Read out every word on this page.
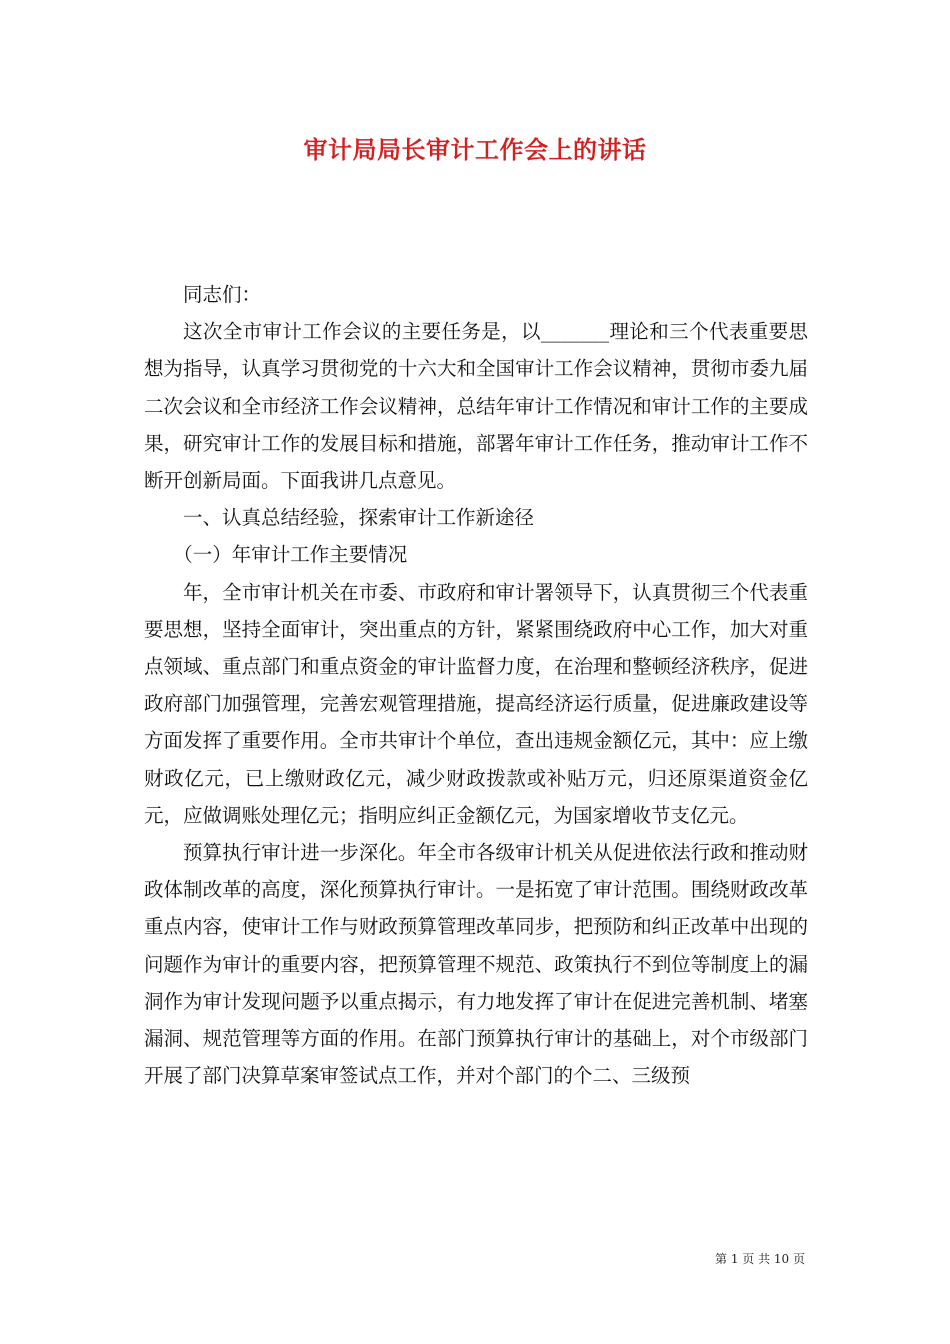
审计局局长审计工作会上的讲话

同志们：

这次全市审计工作会议的主要任务是，以_______理论和三个代表重要思想为指导，认真学习贯彻党的十六大和全国审计工作会议精神，贯彻市委九届二次会议和全市经济工作会议精神，总结年审计工作情况和审计工作的主要成果，研究审计工作的发展目标和措施，部署年审计工作任务，推动审计工作不断开创新局面。下面我讲几点意见。

一、认真总结经验，探索审计工作新途径

（一）年审计工作主要情况

年，全市审计机关在市委、市政府和审计署领导下，认真贯彻三个代表重要思想，坚持全面审计，突出重点的方针，紧紧围绕政府中心工作，加大对重点领域、重点部门和重点资金的审计监督力度，在治理和整顿经济秩序，促进政府部门加强管理，完善宏观管理措施，提高经济运行质量，促进廉政建设等方面发挥了重要作用。全市共审计个单位，查出违规金额亿元，其中：应上缴财政亿元，已上缴财政亿元，减少财政拨款或补贴万元，归还原渠道资金亿元，应做调账处理亿元；指明应纠正金额亿元，为国家增收节支亿元。

预算执行审计进一步深化。年全市各级审计机关从促进依法行政和推动财政体制改革的高度，深化预算执行审计。一是拓宽了审计范围。围绕财政改革重点内容，使审计工作与财政预算管理改革同步，把预防和纠正改革中出现的问题作为审计的重要内容，把预算管理不规范、政策执行不到位等制度上的漏洞作为审计发现问题予以重点揭示，有力地发挥了审计在促进完善机制、堵塞漏洞、规范管理等方面的作用。在部门预算执行审计的基础上，对个市级部门开展了部门决算草案审签试点工作，并对个部门的个二、三级预

第 1 页 共 10 页
